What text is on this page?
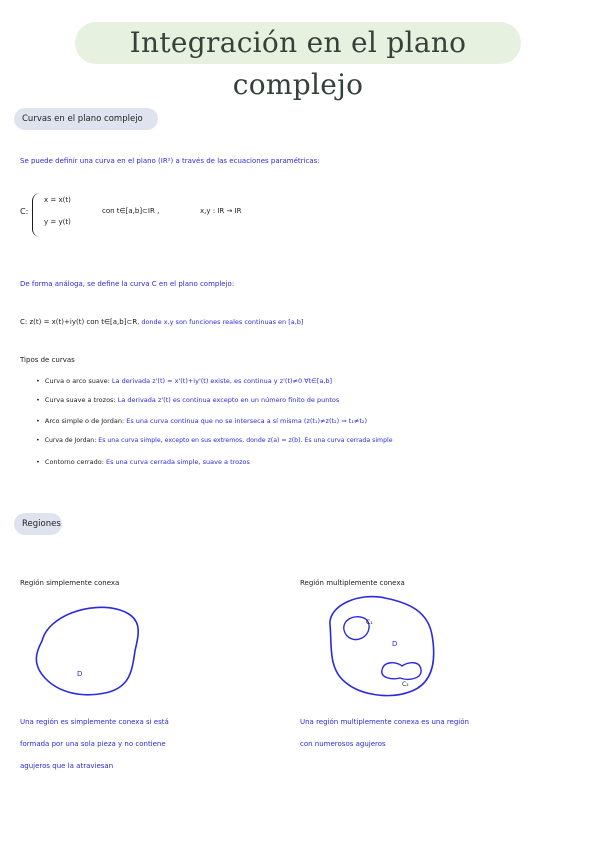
Integración en el plano complejo
Curvas en el plano complejo
Se puede definir una curva en el plano (IR²) a través de las ecuaciones paramétricas:
C:
x = x(t)
y = y(t)
con t∈[a,b]⊂IR ,	x,y : IR → IR
De forma análoga, se define la curva C en el plano complejo:
C: z(t) = x(t)+iy(t) con t∈[a,b]⊂R, donde x,y son funciones reales continuas en [a,b]
Tipos de curvas
• Curva o arco suave: La derivada z'(t) = x'(t)+iy'(t) existe, es continua y z'(t)≠0 ∀t∈[a,b]
• Curva suave a trozos: La derivada z'(t) es continua excepto en un número finito de puntos
• Arco simple o de Jordan: Es una curva continua que no se interseca a sí misma (z(t₁)≠z(t₂) ⇒ t₁≠t₂)
• Curva de Jordan: Es una curva simple, excepto en sus extremos, donde z(a) = z(b). Es una curva cerrada simple
• Contorno cerrado: Es una curva cerrada simple, suave a trozos
Regiones
Región simplemente conexa	Región multiplemente conexa
D
C₁
D
C₂
Una región es simplemente conexa si está
formada por una sola pieza y no contiene
agujeros que la atraviesan
Una región multiplemente conexa es una región
con numerosos agujeros
